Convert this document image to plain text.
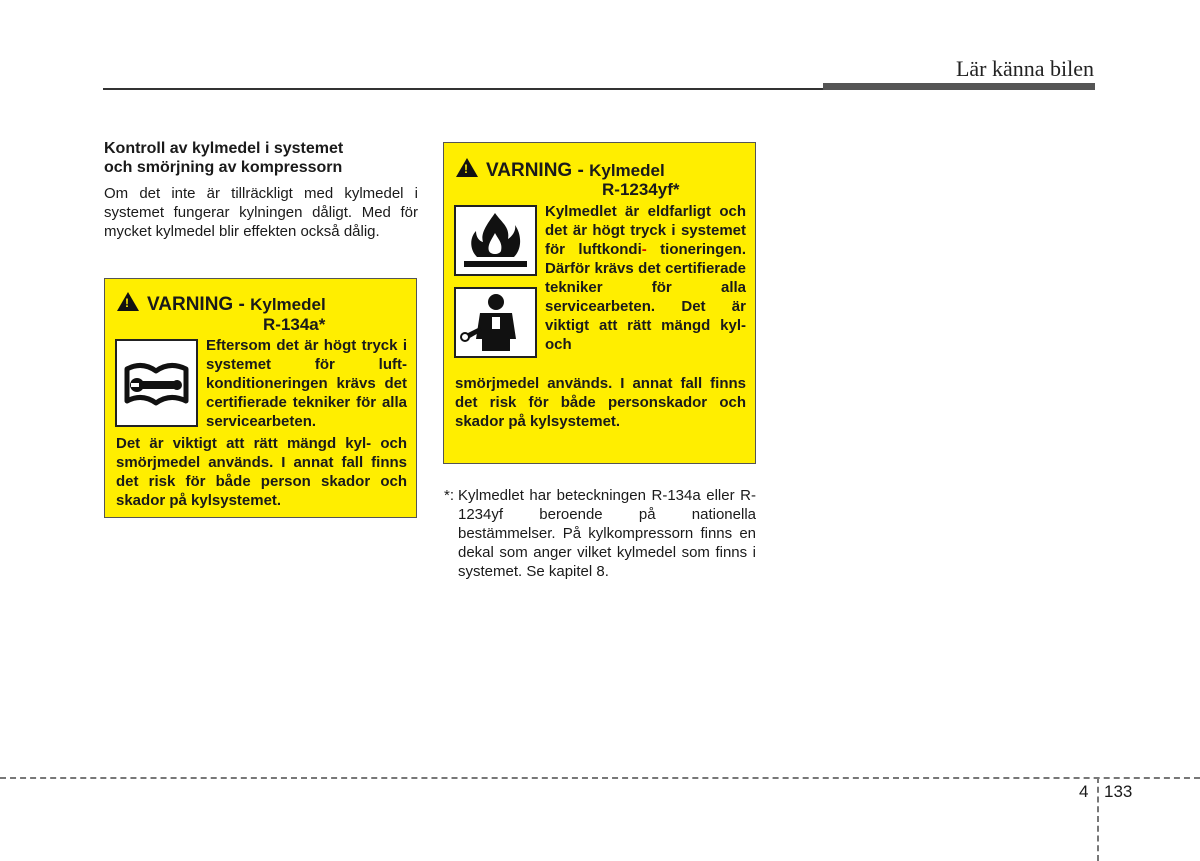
Lär känna bilen
Kontroll av kylmedel i systemet
och smörjning av kompressorn
Om det inte är tillräckligt med kylmedel i systemet fungerar kylningen dåligt. Med för mycket kylmedel blir effekten också dålig.
!VARNING - Kylmedel
R-134a*
Eftersom det är högt tryck i systemet för luft-konditioneringen krävs det certifierade tekniker för alla servicearbeten.
Det är viktigt att rätt mängd kyl- och smörjmedel används. I annat fall finns det risk för både person skador och skador på kylsystemet.
!VARNING - Kylmedel
R-1234yf*
Kylmedlet är eldfarligt och det är högt tryck i systemet för luftkondi- tioneringen. Därför krävs det certifierade tekniker för alla servicearbeten. Det är viktigt att rätt mängd kyl- och
smörjmedel används. I annat fall finns det risk för både personskador och skador på kylsystemet.
*: Kylmedlet har beteckningen R-134a eller R-1234yf beroende på nationella bestämmelser. På kylkompressorn finns en dekal som anger vilket kylmedel som finns i systemet. Se kapitel 8.
4 133
